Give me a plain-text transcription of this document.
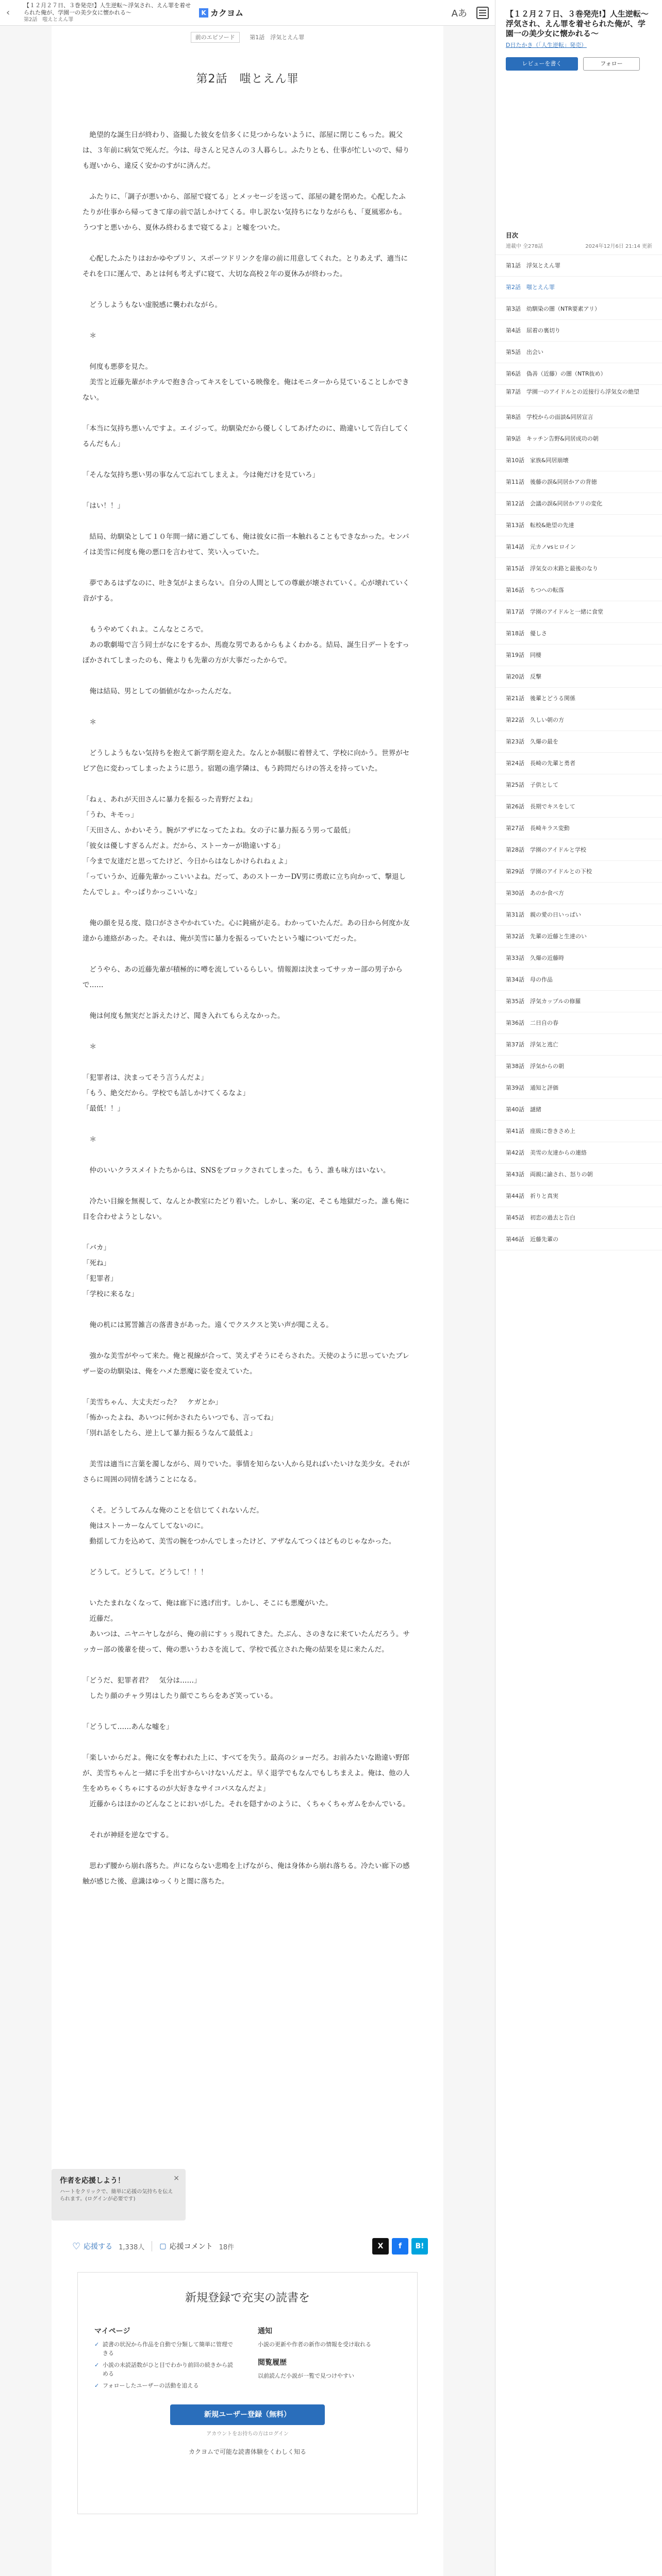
‹
【１２月２７日、３巻発売!】人生逆転〜浮気され、えん罪を着せられた俺が、学園一の美少女に懐かれる〜
第2話　嗤えとえん罪
K カクヨム	Aあ
前のエピソード	第1話　浮気とえん罪
第2話　嗤とえん罪

　絶望的な誕生日が終わり、盗撮した彼女を信多くに見つからないように、部屋に閉じこもった。親父は、３年前に病気で死んだ。今は、母さんと兄さんの３人暮らし。ふたりとも、仕事が忙しいので、帰りも遅いから、違反く安かのすがに済んだ。

　ふたりに、「調子が悪いから、部屋で寝てる」とメッセージを送って、部屋の鍵を閉めた。心配したふたりが仕事から帰ってきて扉の前で話しかけてくる。申し訳ない気持ちになりながらも、「夏風邪かも。うつすと悪いから、夏休み終わるまで寝てるよ」と嘘をついた。

　心配したふたりはおかゆやプリン、スポーツドリンクを扉の前に用意してくれた。とりあえず、適当にそれを口に運んで、あとは何も考えずに寝て、大切な高校２年の夏休みが終わった。

　どうしようもない虚脱感に襲われながら。

　＊

　何度も悪夢を見た。

　美雪と近藤先輩がホテルで抱き合ってキスをしている映像を。俺はモニターから見ていることしかできない。

「本当に気持ち悪いんですよ。エイジって。幼馴染だから優しくしてあげたのに、勘違いして告白してくるんだもん」

「そんな気持ち悪い男の事なんて忘れてしまえよ。今は俺だけを見ていろ」

「はい！！」

　結局、幼馴染として１０年間一緒に過ごしても、俺は彼女に指一本触れることもできなかった。センパイは美雪に何度も俺の悪口を言わせて、笑い入っていた。

　夢であるはずなのに、吐き気がよまらない。自分の人間としての尊厳が壊されていく。心が壊れていく音がする。

　もうやめてくれよ。こんなところで。

　あの歌劇場で言う同士がなにをするか、馬鹿な男であるからもよくわかる。結局、誕生日デートをすっぽかされてしまったのも、俺よりも先輩の方が大事だったからで。

　俺は結局、男としての価値がなかったんだな。

　＊

　どうしようもない気持ちを抱えて新学期を迎えた。なんとか制服に着替えて、学校に向かう。世界がセピア色に変わってしまったように思う。宿題の進学隣は、もう跨問だらけの答えを持っていた。

「ねぇ、あれが天田さんに暴力を振るった青野だよね」

「うわ、キモっ」

「天田さん、かわいそう。腕がアザになってたよね。女の子に暴力振るう男って最低」

「彼女は優しすぎるんだよ。だから、ストーカーが勘違いする」

「今まで友達だと思ってたけど、今日からはなしかけられねぇよ」

「っていうか、近藤先輩かっこいいよね。だって、あのストーカーDV男に勇敢に立ち向かって、撃退したんでしょ。やっぱりかっこいいな」

　俺の顔を見る度、陰口がささやかれていた。心に鈍痛が走る。わかっていたんだ。あの日から何度か友達から連絡があった。それは、俺が美雪に暴力を振るっていたという嘘についてだった。

　どうやら、あの近藤先輩が積極的に噂を流しているらしい。情報源は決まってサッカー部の男子からで……

　俺は何度も無実だと訴えたけど、聞き入れてもらえなかった。

　＊

「犯罪者は、決まってそう言うんだよ」

「もう、絶交だから。学校でも話しかけてくるなよ」

「最低！！」

　＊

　仲のいいクラスメイトたちからは、SNSをブロックされてしまった。もう、誰も味方はいない。

　冷たい目線を無視して、なんとか教室にたどり着いた。しかし、案の定、そこも地獄だった。誰も俺に目を合わせようとしない。

「バカ」

「死ね」

「犯罪者」

「学校に来るな」

　俺の机には罵詈雑言の落書きがあった。遠くでクスクスと笑い声が聞こえる。

　強かな美雪がやって来た。俺と視線が合って、笑えずそうにそらされた。天使のように思っていたブレザー姿の幼馴染は、俺をハメた悪魔に姿を変えていた。

「美雪ちゃん、大丈夫だった？　ケガとか」

「怖かったよね、あいつに何かされたらいつでも、言ってね」

「別れ話をしたら、逆上して暴力振るうなんて最低よ」

　美雪は適当に言葉を濁しながら、周りでいた。事情を知らない人から見ればいたいけな美少女。それがさらに周囲の同情を誘うことになる。

　くそ。どうしてみんな俺のことを信じてくれないんだ。

　俺はストーカーなんてしてないのに。

　動揺して力を込めて、美雪の腕をつかんでしまったけど、アザなんてつくはどものじゃなかった。

　どうして。どうして。どうして！！！

　いたたまれなくなって、俺は廊下に逃げ出す。しかし、そこにも悪魔がいた。

　近藤だ。

　あいつは、ニヤニヤしながら、俺の前にすぅぅ現れてきた。たぶん、さのきなに来ていたんだろう。サッカー部の後輩を使って、俺の悪いうわさを流して、学校で孤立された俺の結果を見に来たんだ。

「どうだ、犯罪者君？　気分は……」

　したり顔のチャラ男はしたり顔でこちらをあざ笑っている。

「どうして……あんな嘘を」

「楽しいからだよ。俺に女を奪われた上に、すべてを失う。最高のショーだろ。お前みたいな勘違い野郎が、美雪ちゃんと一緒に手を出すからいけないんだよ。早く退学でもなんでもしちまえよ。俺は、他の人生をめちゃくちゃにするのが大好きなサイコパスなんだよ」

　近藤からはほかのどんなことにおいがした。それを隠すかのように、くちゃくちゃガムをかんでいる。

　それが神経を逆なでする。

　思わず腰から崩れ落ちた。声にならない悲鳴を上げながら、俺は身体から崩れ落ちる。冷たい廊下の感触が感じた後、意識はゆっくりと闇に落ちた。

作者を応援しよう！
ハートをクリックで、簡単に応援の気持ちを伝えられます。(ログインが必要です)
×
♡ 応援する 1,338人 ▢ 応援コメント 18件	X	f	B!
新規登録で充実の読書を
マイページ
✓ 読書の状況から作品を自動で分類して簡単に管理できる
✓ 小説の未読話数がひと目でわかり前回の続きから読める
✓ フォローしたユーザーの活動を追える
通知
小説の更新や作者の新作の情報を受け取れる
閲覧履歴
以前読んだ小説が一覧で見つけやすい
新規ユーザー登録（無料）
アカウントをお持ちの方はログイン
カクヨムで可能な読書体験をくわしく知る
【１２月２７日、３巻発売!】人生逆転〜浮気され、えん罪を着せられた俺が、学園一の美少女に懐かれる〜
D日たかき（「人生逆転」発売）
レビューを書く	フォロー
目次
連載中 全278話	2024年12月6日 21:14 更新
第1話　浮気とえん罪
第2話　嗤とえん罪
第3話　幼馴染の闇（NTR要素アリ）
第4話　屈着の裏切り
第5話　出会い
第6話　偽善（近藤）の闇（NTR抜め）
第7話　学園一のアイドルとの近接行ら浮気女の絶望
第8話　学校からの面談&同居宣言
第9話　キッチン告野&同居成功の朝
第10話　家族&同居崩壊
第11話　後藤の誤&同居かアの背徳
第12話　会議の誤&同居かアリの変化
第13話　転校&絶望の先達
第14話　元カノvsヒロイン
第15話　浮気女の末路と最後のなり
第16話　ちつへの転落
第17話　学園のアイドルと一緒に食堂
第18話　優しさ
第19話　同棲
第20話　反撃
第21話　後輩とどうる関係
第22話　久しい朝の方
第23話　久爆の最を
第24話　長崎の先輩と勇者
第25話　子供として
第26話　長期でキスをして
第27話　長崎キラス変動
第28話　学園のアイドルと学校
第29話　学園のアイドルとの下校
第30話　あのか食べ方
第31話　親の愛の日いっぱい
第32話　先輩の近藤と生達のい
第33話　久爆の近藤時
第34話　母の作品
第35話　浮気カップルの修羅
第36話　二日自の春
第37話　浮気と逃亡
第38話　浮気からの朝
第39話　通知と評価
第40話　謎緒
第41話　座級に巻きさめ上
第42話　美雪の友達からの連絡
第43話　両親に諭され、怒りの朝
第44話　祈りと真実
第45話　初恋の過去と告白
第46話　近藤先輩の
